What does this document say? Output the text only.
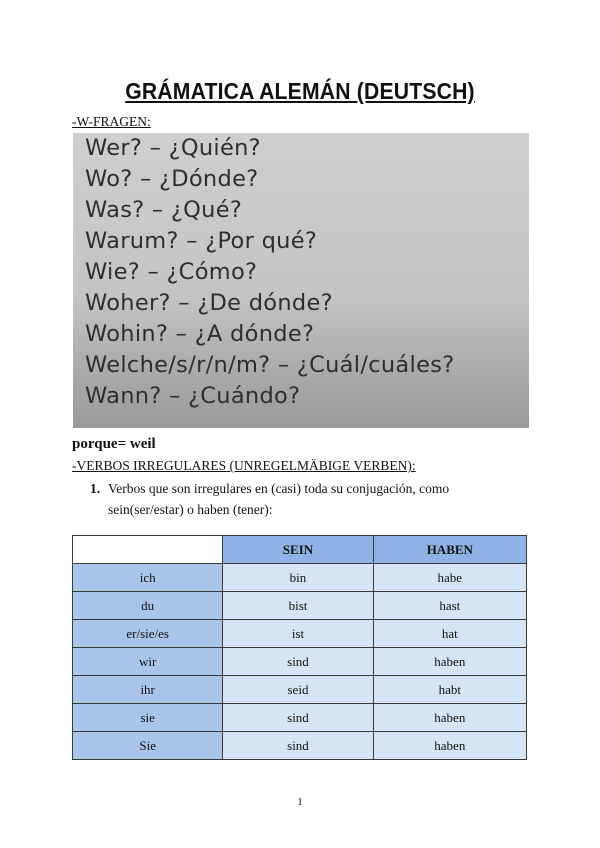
GRÁMATICA ALEMÁN (DEUTSCH)
-W-FRAGEN:
Wer? – ¿Quién?
Wo? – ¿Dónde?
Was? – ¿Qué?
Warum? – ¿Por qué?
Wie? – ¿Cómo?
Woher? – ¿De dónde?
Wohin? – ¿A dónde?
Welche/s/r/n/m? – ¿Cuál/cuáles?
Wann? – ¿Cuándo?
porque= weil
-VERBOS IRREGULARES (UNREGELMÄBIGE VERBEN):
1. Verbos que son irregulares en (casi) toda su conjugación, como sein(ser/estar) o haben (tener):
	SEIN	HABEN
ich	bin	habe
du	bist	hast
er/sie/es	ist	hat
wir	sind	haben
ihr	seid	habt
sie	sind	haben
Sie	sind	haben
1
